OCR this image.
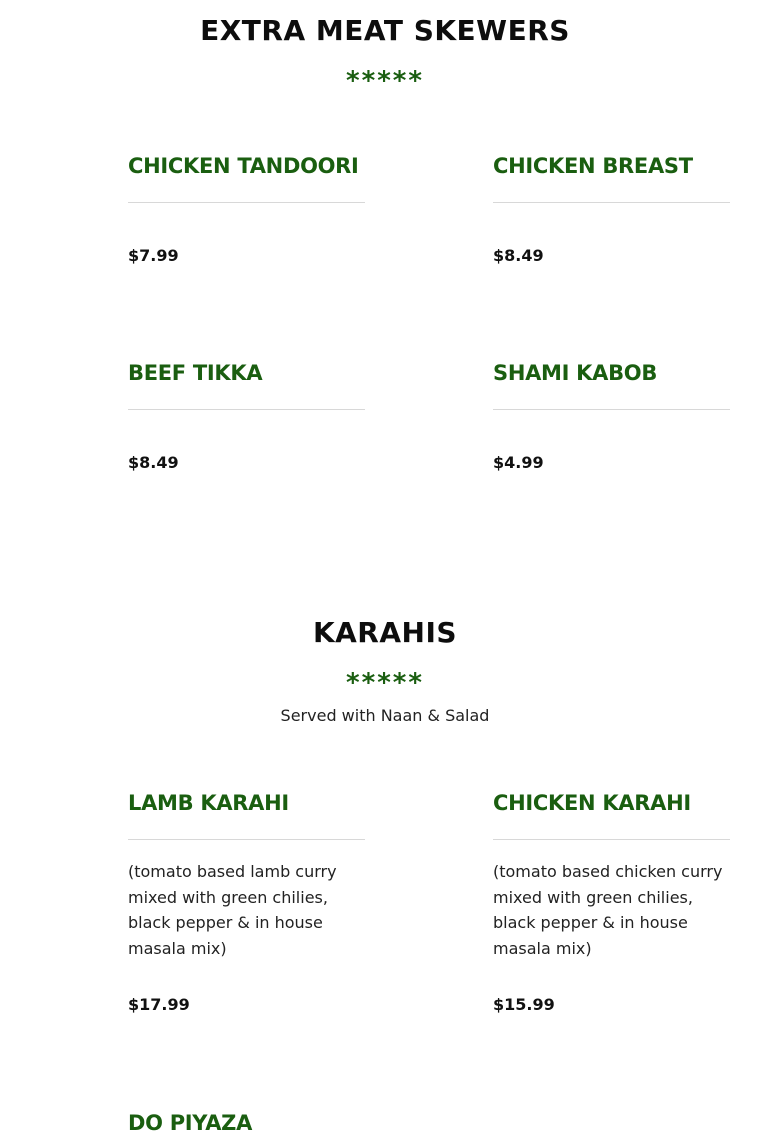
EXTRA MEAT SKEWERS
*****
CHICKEN TANDOORI
$7.99
CHICKEN BREAST
$8.49
BEEF TIKKA
$8.49
SHAMI KABOB
$4.99
KARAHIS
*****
Served with Naan & Salad
LAMB KARAHI
(tomato based lamb curry mixed with green chilies, black pepper & in house masala mix)
$17.99
CHICKEN KARAHI
(tomato based chicken curry mixed with green chilies, black pepper & in house masala mix)
$15.99
DO PIYAZA
